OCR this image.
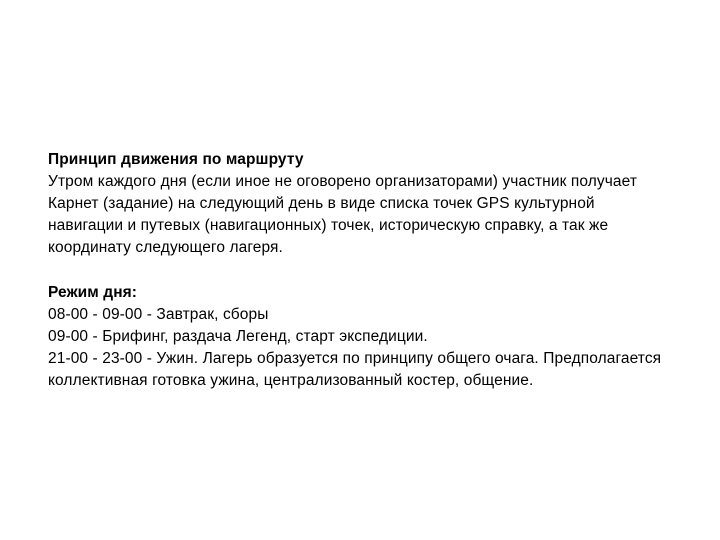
Принцип движения по маршруту
Утром каждого дня (если иное не оговорено организаторами) участник получает
Карнет (задание) на следующий день в виде списка точек GPS культурной
навигации и путевых (навигационных) точек, историческую справку, а так же
координату следующего лагеря.
Режим дня:
08-00 - 09-00 - Завтрак, сборы
09-00 - Брифинг, раздача Легенд, старт экспедиции.
21-00 - 23-00 - Ужин. Лагерь образуется по принципу общего очага. Предполагается
коллективная готовка ужина, централизованный костер, общение.
